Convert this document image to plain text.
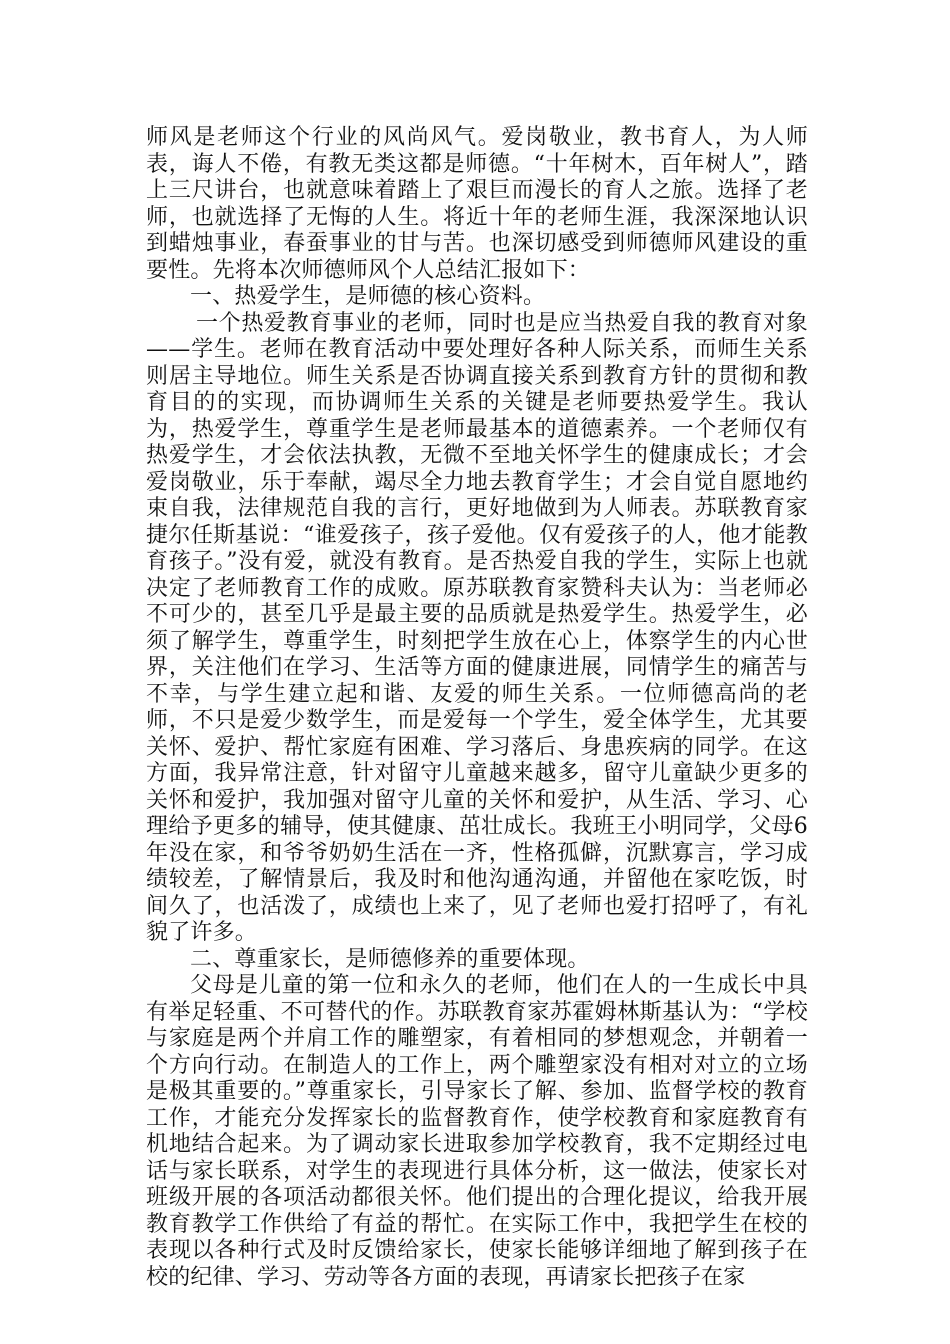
师风是老师这个行业的风尚风气。爱岗敬业，教书育人，为人师表，诲人不倦，有教无类这都是师德。“十年树木，百年树人”，踏上三尺讲台，也就意味着踏上了艰巨而漫长的育人之旅。选择了老师，也就选择了无悔的人生。将近十年的老师生涯，我深深地认识到蜡烛事业，春蚕事业的甘与苦。也深切感受到师德师风建设的重要性。先将本次师德师风个人总结汇报如下：

一、热爱学生，是师德的核心资料。

一个热爱教育事业的老师，同时也是应当热爱自我的教育对象——学生。老师在教育活动中要处理好各种人际关系，而师生关系则居主导地位。师生关系是否协调直接关系到教育方针的贯彻和教育目的的实现，而协调师生关系的关键是老师要热爱学生。我认为，热爱学生，尊重学生是老师最基本的道德素养。一个老师仅有热爱学生，才会依法执教，无微不至地关怀学生的健康成长；才会爱岗敬业，乐于奉献，竭尽全力地去教育学生；才会自觉自愿地约束自我，法律规范自我的言行，更好地做到为人师表。苏联教育家捷尔任斯基说：“谁爱孩子，孩子爱他。仅有爱孩子的人，他才能教育孩子。”没有爱，就没有教育。是否热爱自我的学生，实际上也就决定了老师教育工作的成败。原苏联教育家赞科夫认为：当老师必不可少的，甚至几乎是最主要的品质就是热爱学生。热爱学生，必须了解学生，尊重学生，时刻把学生放在心上，体察学生的内心世界，关注他们在学习、生活等方面的健康进展，同情学生的痛苦与不幸，与学生建立起和谐、友爱的师生关系。一位师德高尚的老师，不只是爱少数学生，而是爱每一个学生，爱全体学生，尤其要关怀、爱护、帮忙家庭有困难、学习落后、身患疾病的同学。在这方面，我异常注意，针对留守儿童越来越多，留守儿童缺少更多的关怀和爱护，我加强对留守儿童的关怀和爱护，从生活、学习、心理给予更多的辅导，使其健康、茁壮成长。我班王小明同学，父母6年没在家，和爷爷奶奶生活在一齐，性格孤僻，沉默寡言，学习成绩较差，了解情景后，我及时和他沟通沟通，并留他在家吃饭，时间久了，也活泼了，成绩也上来了，见了老师也爱打招呼了，有礼貌了许多。

二、尊重家长，是师德修养的重要体现。

父母是儿童的第一位和永久的老师，他们在人的一生成长中具有举足轻重、不可替代的作。苏联教育家苏霍姆林斯基认为：“学校与家庭是两个并肩工作的雕塑家，有着相同的梦想观念，并朝着一个方向行动。在制造人的工作上，两个雕塑家没有相对对立的立场是极其重要的。”尊重家长，引导家长了解、参加、监督学校的教育工作，才能充分发挥家长的监督教育作，使学校教育和家庭教育有机地结合起来。为了调动家长进取参加学校教育，我不定期经过电话与家长联系，对学生的表现进行具体分析，这一做法，使家长对班级开展的各项活动都很关怀。他们提出的合理化提议，给我开展教育教学工作供给了有益的帮忙。在实际工作中，我把学生在校的表现以各种行式及时反馈给家长，使家长能够详细地了解到孩子在校的纪律、学习、劳动等各方面的表现，再请家长把孩子在家
